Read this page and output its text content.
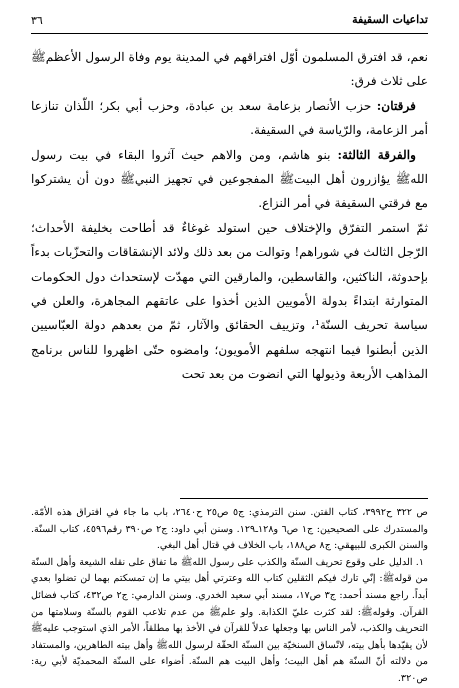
تداعيات السقيفة
٣٦

نعم، قد افترق المسلمون أوّل افتراقهم في المدينة يوم وفاة الرسول الأعظمﷺ على ثلاث فرق:

فرقتان: حزب الأنصار بزعامة سعد بن عبادة، وحزب أبي بكر؛ اللّذان تنازعا أمر الزعامة، والرّياسة في السقيفة.

والفرقة الثالثة: بنو هاشم، ومن والاهم حيث آثروا البقاء في بيت رسول اللهﷺ يؤازرون أهل البيتﷺ المفجوعين في تجهيز النبيﷺ دون أن يشتركوا مع فرقتي السقيفة في أمر النزاع.

ثمّ استمر التفرّق والإختلاف حين استولد غوغاءٌ قد أطاحت بخليفة الأحداث؛ الرّجل الثالث في شوراهم! وتوالت من بعد ذلك ولائد الإنشقاقات والتحزّبات بدءاً بإحدوثة، الناكثين، والقاسطين، والمارقين التي مهدّت لإستحداث دول الحكومات المتوارثة ابتداءً بدولة الأمويين الذين أخذوا على عاتقهم المجاهرة، والعلن في سياسة تحريف السنّة¹، وتزييف الحقائق والآثار، ثمّ من بعدهم دولة العبّاسيين الذين أبطنوا فيما انتهجه سلفهم الأمويون؛ وامضوه حتّى اظهروا للناس برنامج المذاهب الأربعة وذيولها التي انضوت من بعد تحت

ص ٣٢٢ ح٣٩٩٢، كتاب الفتن. سنن الترمذي: ج٥ ص٢٥ ح٢٦٤٠، باب ما جاء في افتراق هذه الأمّة. والمستدرك على الصحيحين: ج١ ص٦ و١٢٨ـ١٢٩. وسنن أبي داود: ج٢ ص٣٩٠ رقم٤٥٩٦، كتاب السنّة. والسنن الكبرى للبيهقي: ج٨ ص١٨٨، باب الخلاف في قتال أهل البغي.

١. الدليل على وقوع تحريف السنّة والكذب على رسول اللهﷺ ما تفاق على نقله الشيعة وأهل السنّة من قولهﷺ: إنّي تارك فيكم الثقلين كتاب الله وعترتي أهل بيتي ما إن تمسكتم بهما لن تضلوا بعدي أبداً. راجع مسند أحمد: ج٣ ص١٧، مسند أبي سعيد الخدري. وسنن الدارمي: ج٢ ص٤٣٢، كتاب فضائل القرآن. وقولهﷺ: لقد كثرت عليّ الكذابة. ولو علمﷺ من عدم تلاعب القوم بالسنّة وسلامتها من التحريف والكذب، لأمر الناس بها وجعلها عدلاً للقرآن في الأخذ بها مطلقاً، الأمر الذي استوجب عليهﷺ لأن يقيّدها بأهل بيته، لاتّساق السنخيّة بين السنّة الحقّة لرسول اللهﷺ وأهل بيته الطاهرين، والمستفاد من دلالته أنّ السنّة هم أهل البيت؛ وأهل البيت هم السنّة. أضواء على السنّة المحمديّة لأبي رية: ص٣٢٠.
